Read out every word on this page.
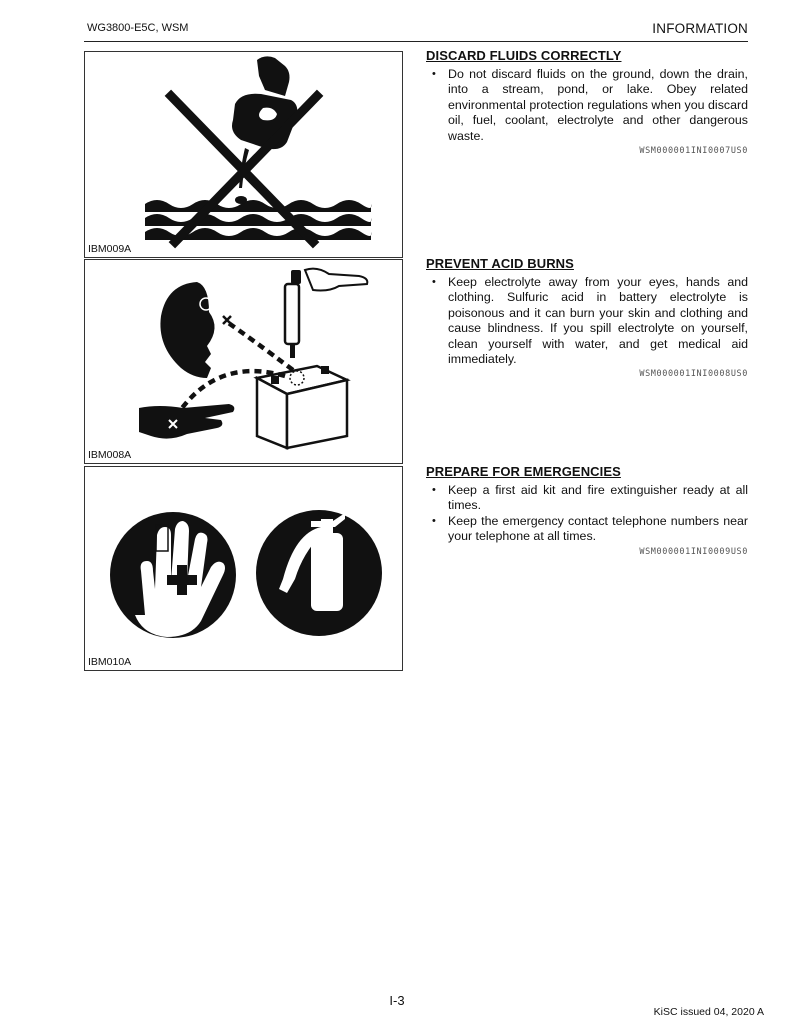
WG3800-E5C, WSM	INFORMATION
IBM009A
IBM008A
IBM010A
DISCARD FLUIDS CORRECTLY
• Do not discard fluids on the ground, down the drain, into a stream, pond, or lake. Obey related environmental protection regulations when you discard oil, fuel, coolant, electrolyte and other dangerous waste.
WSM000001INI0007US0
PREVENT ACID BURNS
• Keep electrolyte away from your eyes, hands and clothing. Sulfuric acid in battery electrolyte is poisonous and it can burn your skin and clothing and cause blindness. If you spill electrolyte on yourself, clean yourself with water, and get medical aid immediately.
WSM000001INI0008US0
PREPARE FOR EMERGENCIES
• Keep a first aid kit and fire extinguisher ready at all times.
• Keep the emergency contact telephone numbers near your telephone at all times.
WSM000001INI0009US0
I-3
KiSC issued 04, 2020 A
